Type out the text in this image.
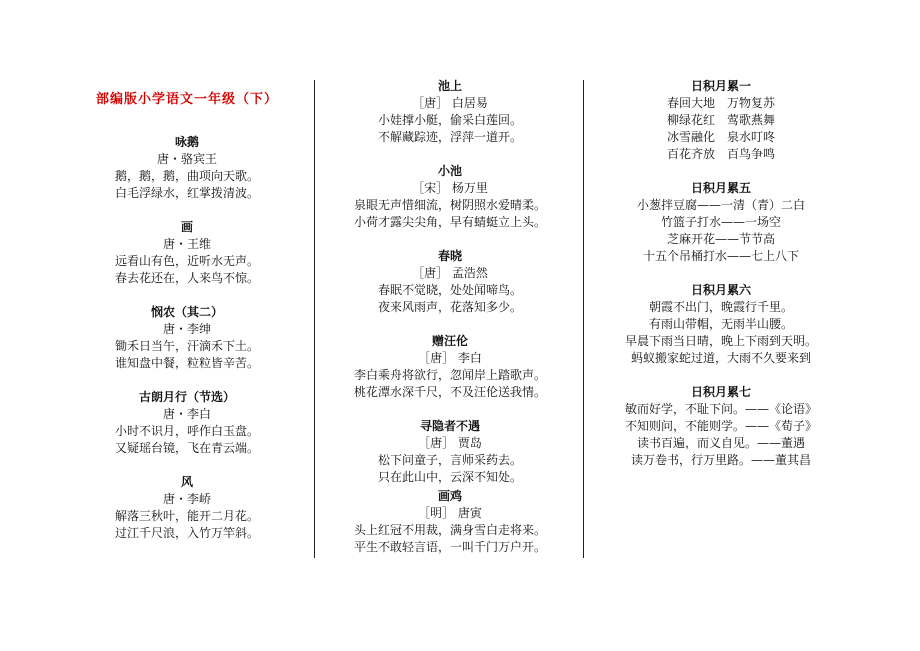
部编版小学语文一年级（下）
咏鹅
唐・骆宾王
鹅，鹅，鹅，曲项向天歌。
白毛浮绿水，红掌拨清波。
画
唐・王维
远看山有色，近听水无声。
春去花还在，人来鸟不惊。
悯农（其二）
唐・李绅
锄禾日当午，汗滴禾下土。
谁知盘中餐，粒粒皆辛苦。
古朗月行（节选）
唐・李白
小时不识月，呼作白玉盘。
又疑瑶台镜，飞在青云端。
风
唐・李峤
解落三秋叶，能开二月花。
过江千尺浪，入竹万竿斜。
池上
［唐］ 白居易
小娃撑小艇，偷采白莲回。
不解藏踪迹，浮萍一道开。
小池
［宋］ 杨万里
泉眼无声惜细流，树阴照水爱晴柔。
小荷才露尖尖角，早有蜻蜓立上头。
春晓
［唐］ 孟浩然
春眠不觉晓，处处闻啼鸟。
夜来风雨声，花落知多少。
赠汪伦
［唐］ 李白
李白乘舟将欲行，忽闻岸上踏歌声。
桃花潭水深千尺，不及汪伦送我情。
寻隐者不遇
［唐］ 贾岛
松下问童子，言师采药去。
只在此山中，云深不知处。
画鸡
［明］ 唐寅
头上红冠不用裁，满身雪白走将来。
平生不敢轻言语，一叫千门万户开。
日积月累一
春回大地　万物复苏
柳绿花红　莺歌燕舞
冰雪融化　泉水叮咚
百花齐放　百鸟争鸣
日积月累五
小葱拌豆腐——一清（青）二白
竹篮子打水——一场空
芝麻开花——节节高
十五个吊桶打水——七上八下
日积月累六
朝霞不出门，晚霞行千里。
有雨山带帽，无雨半山腰。
早晨下雨当日晴，晚上下雨到天明。
蚂蚁搬家蛇过道，大雨不久要来到
日积月累七
敏而好学，不耻下问。——《论语》
不知则问，不能则学。——《荀子》
读书百遍，而义自见。——董遇
读万卷书，行万里路。——董其昌
